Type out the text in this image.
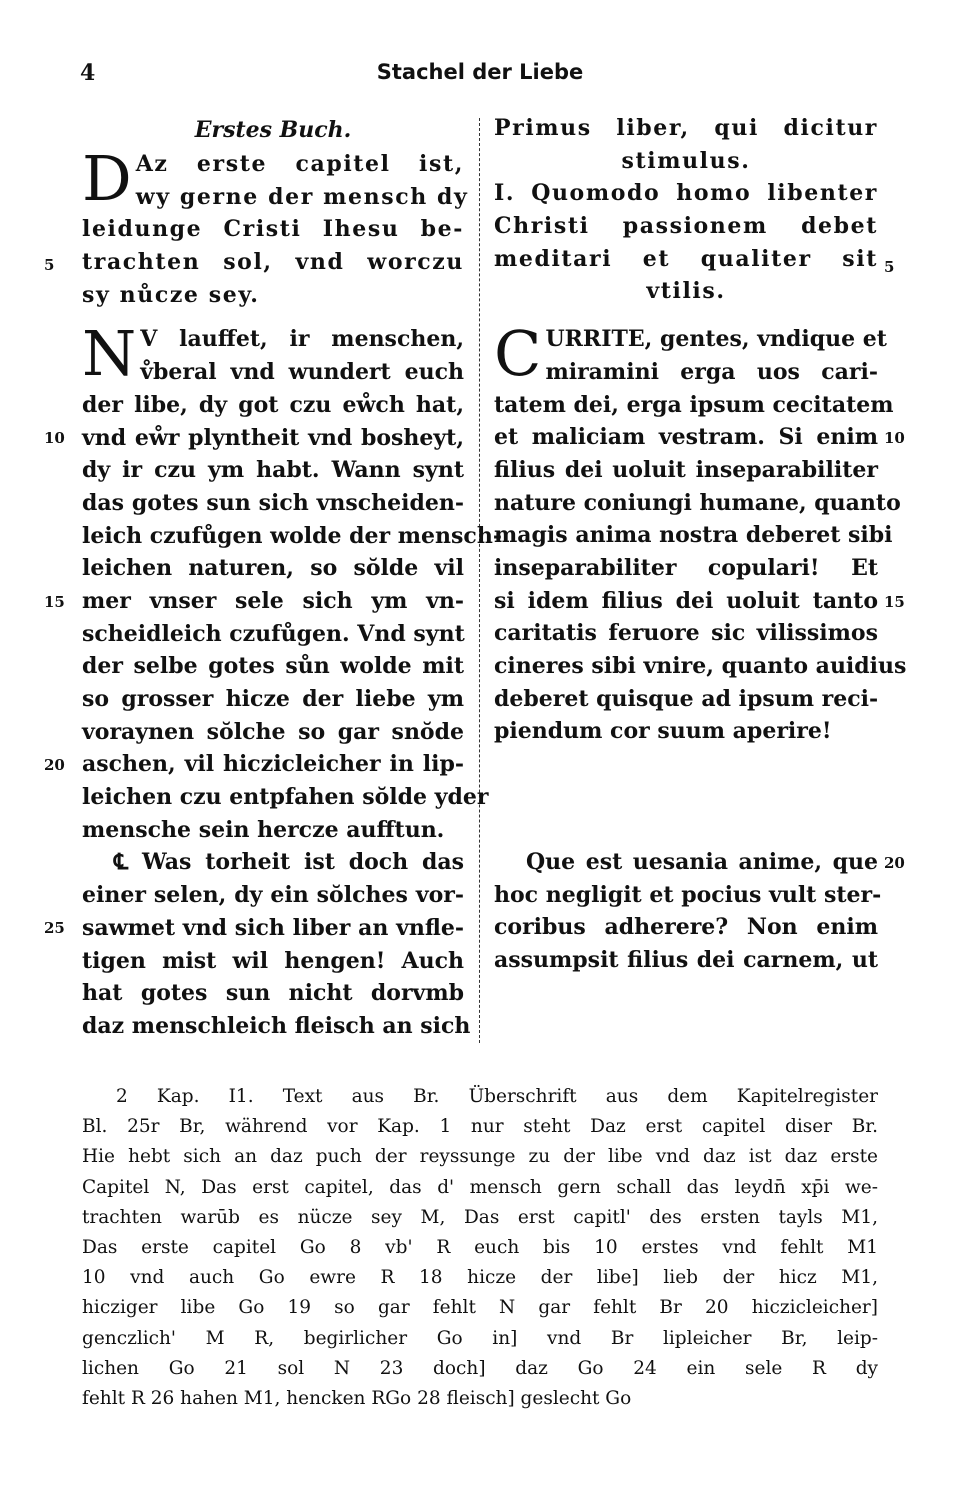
4	Stachel der Liebe
Erstes Buch.
D Az erste capitel ist,
wy gerne der mensch dy
leidunge Cristi Ihesu be-
trachten sol, vnd worczu
sy nůcze sey.
N V lauffet, ir menschen,
v̊beral vnd wundert euch
der libe, dy got czu eẘch hat,
vnd eẘr plyntheit vnd bosheyt,
dy ir czu ym habt. Wann synt
das gotes sun sich vnscheiden-
leich czufůgen wolde der mensch-
leichen naturen, so sŏlde vil
mer vnser sele sich ym vn-
scheidleich czufůgen. Vnd synt
der selbe gotes sůn wolde mit
so grosser hicze der liebe ym
voraynen sŏlche so gar snŏde
aschen, vil hiczicleicher in lip-
leichen czu entpfahen sŏlde yder
mensche sein hercze aufftun.
℄ Was torheit ist doch das
einer selen, dy ein sŏlches vor-
sawmet vnd sich liber an vnfle-
tigen mist wil hengen! Auch
hat gotes sun nicht dorvmb
daz menschleich fleisch an sich
Primus liber, qui dicitur
stimulus.
I. Quomodo homo libenter
Christi passionem debet
meditari et qualiter sit
vtilis.
C URRITE, gentes, vndique et
miramini erga uos cari-
tatem dei, erga ipsum cecitatem
et maliciam vestram. Si enim
filius dei uoluit inseparabiliter
nature coniungi humane, quanto
magis anima nostra deberet sibi
inseparabiliter copulari! Et
si idem filius dei uoluit tanto
caritatis feruore sic vilissimos
cineres sibi vnire, quanto auidius
deberet quisque ad ipsum reci-
piendum cor suum aperire!
Que est uesania anime, que
hoc negligit et pocius vult ster-
coribus adherere? Non enim
assumpsit filius dei carnem, ut
5
10
15
20
25
5
10
15
20
2 Kap. I1. Text aus Br. Überschrift aus dem Kapitelregister
Bl. 25r Br, während vor Kap. 1 nur steht Daz erst capitel diser Br.
Hie hebt sich an daz puch der reyssunge zu der libe vnd daz ist daz erste
Capitel N, Das erst capitel, das d' mensch gern schall das leydn̄ xp̄i we-
trachten warūb es nücze sey M, Das erst capitl' des ersten tayls M1,
Das erste capitel Go 8 vb' R euch bis 10 erstes vnd fehlt M1
10 vnd auch Go ewre R 18 hicze der libe] lieb der hicz M1,
hicziger libe Go 19 so gar fehlt N gar fehlt Br 20 hiczicleicher]
genczlich' M R, begirlicher Go in] vnd Br lipleicher Br, leip-
lichen Go 21 sol N 23 doch] daz Go 24 ein sele R dy
fehlt R 26 hahen M1, hencken RGo 28 fleisch] geslecht Go
